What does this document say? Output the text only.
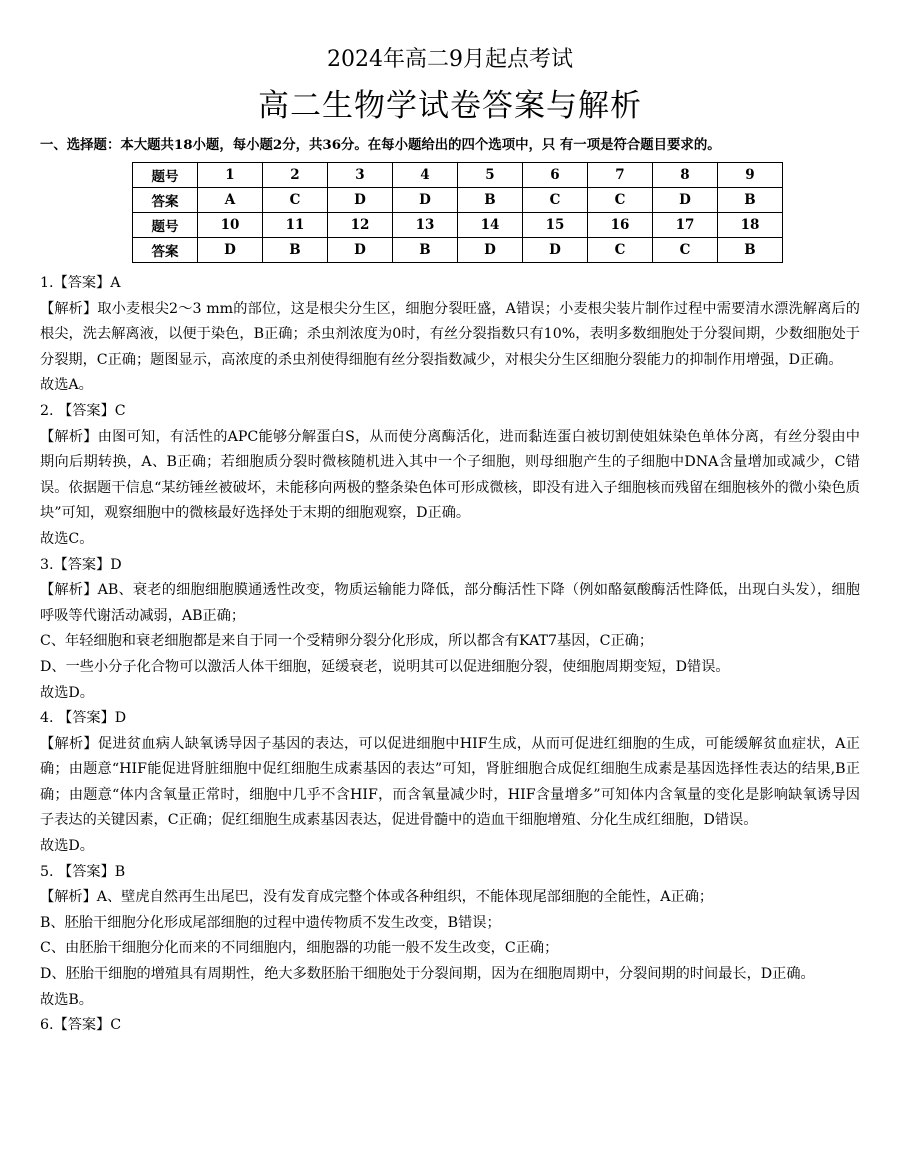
2024年高二9月起点考试
高二生物学试卷答案与解析
一、选择题：本大题共18小题，每小题2分，共36分。在每小题给出的四个选项中，只 有一项是符合题目要求的。
题号	1	2	3	4	5	6	7	8	9
答案	A	C	D	D	B	C	C	D	B
题号	10	11	12	13	14	15	16	17	18
答案	D	B	D	B	D	D	C	C	B

1.【答案】A

【解析】取小麦根尖2～3 mm的部位，这是根尖分生区，细胞分裂旺盛，A错误；小麦根尖装片制作过程中需要清水漂洗解离后的根尖，洗去解离液，以便于染色，B正确；杀虫剂浓度为0时，有丝分裂指数只有10%，表明多数细胞处于分裂间期，少数细胞处于分裂期，C正确；题图显示，高浓度的杀虫剂使得细胞有丝分裂指数减少，对根尖分生区细胞分裂能力的抑制作用增强，D正确。

故选A。

2. 【答案】C

【解析】由图可知，有活性的APC能够分解蛋白S，从而使分离酶活化，进而黏连蛋白被切割使姐妹染色单体分离，有丝分裂由中期向后期转换，A、B正确；若细胞质分裂时微核随机进入其中一个子细胞，则母细胞产生的子细胞中DNA含量增加或减少，C错误。依据题干信息“某纺锤丝被破坏，未能移向两极的整条染色体可形成微核，即没有进入子细胞核而残留在细胞核外的微小染色质块”可知，观察细胞中的微核最好选择处于末期的细胞观察，D正确。

故选C。

3.【答案】D

【解析】AB、衰老的细胞细胞膜通透性改变，物质运输能力降低，部分酶活性下降（例如酪氨酸酶活性降低，出现白头发），细胞呼吸等代谢活动减弱，AB正确；

C、年轻细胞和衰老细胞都是来自于同一个受精卵分裂分化形成，所以都含有KAT7基因，C正确；

D、一些小分子化合物可以激活人体干细胞，延缓衰老，说明其可以促进细胞分裂，使细胞周期变短，D错误。

故选D。

4. 【答案】D

【解析】促进贫血病人缺氧诱导因子基因的表达，可以促进细胞中HIF生成，从而可促进红细胞的生成，可能缓解贫血症状，A正确；由题意“HIF能促进肾脏细胞中促红细胞生成素基因的表达”可知，肾脏细胞合成促红细胞生成素是基因选择性表达的结果,B正确；由题意“体内含氧量正常时，细胞中几乎不含HIF，而含氧量减少时，HIF含量增多”可知体内含氧量的变化是影响缺氧诱导因子表达的关键因素，C正确；促红细胞生成素基因表达，促进骨髓中的造血干细胞增殖、分化生成红细胞，D错误。

故选D。

5. 【答案】B

【解析】A、壁虎自然再生出尾巴，没有发育成完整个体或各种组织，不能体现尾部细胞的全能性，A正确；

B、胚胎干细胞分化形成尾部细胞的过程中遗传物质不发生改变，B错误；

C、由胚胎干细胞分化而来的不同细胞内，细胞器的功能一般不发生改变，C正确；

D、胚胎干细胞的增殖具有周期性，绝大多数胚胎干细胞处于分裂间期，因为在细胞周期中，分裂间期的时间最长，D正确。

故选B。

6.【答案】C
